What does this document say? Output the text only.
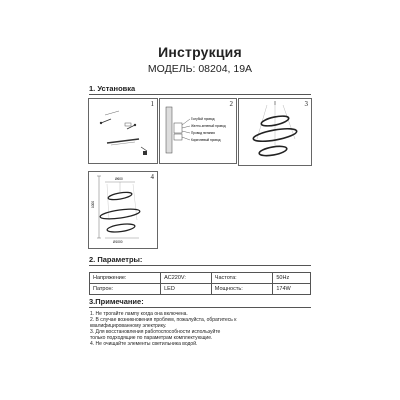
Инструкция
МОДЕЛЬ: 08204, 19A
1. Установка
1	2
Голубой провод
Желто-зеленый провод
Провод питания
Коричневый провод
3
4
1000
Ø600
Ø1000
2. Параметры:
Напряжение:	AC220V:	Частота:	50Hz
Патрон:	LED	Мощность:	174W
3.Примечание:
1. Не трогайте лампу когда она включена.
2. В случае возникновения проблем, пожалуйста, обратитесь к
квалифицированному электрику.
3. Для восстановления работоспособности используйте
только подходящие по параметрам комплектующие.
4. Не очищайте элементы светильника водой.
